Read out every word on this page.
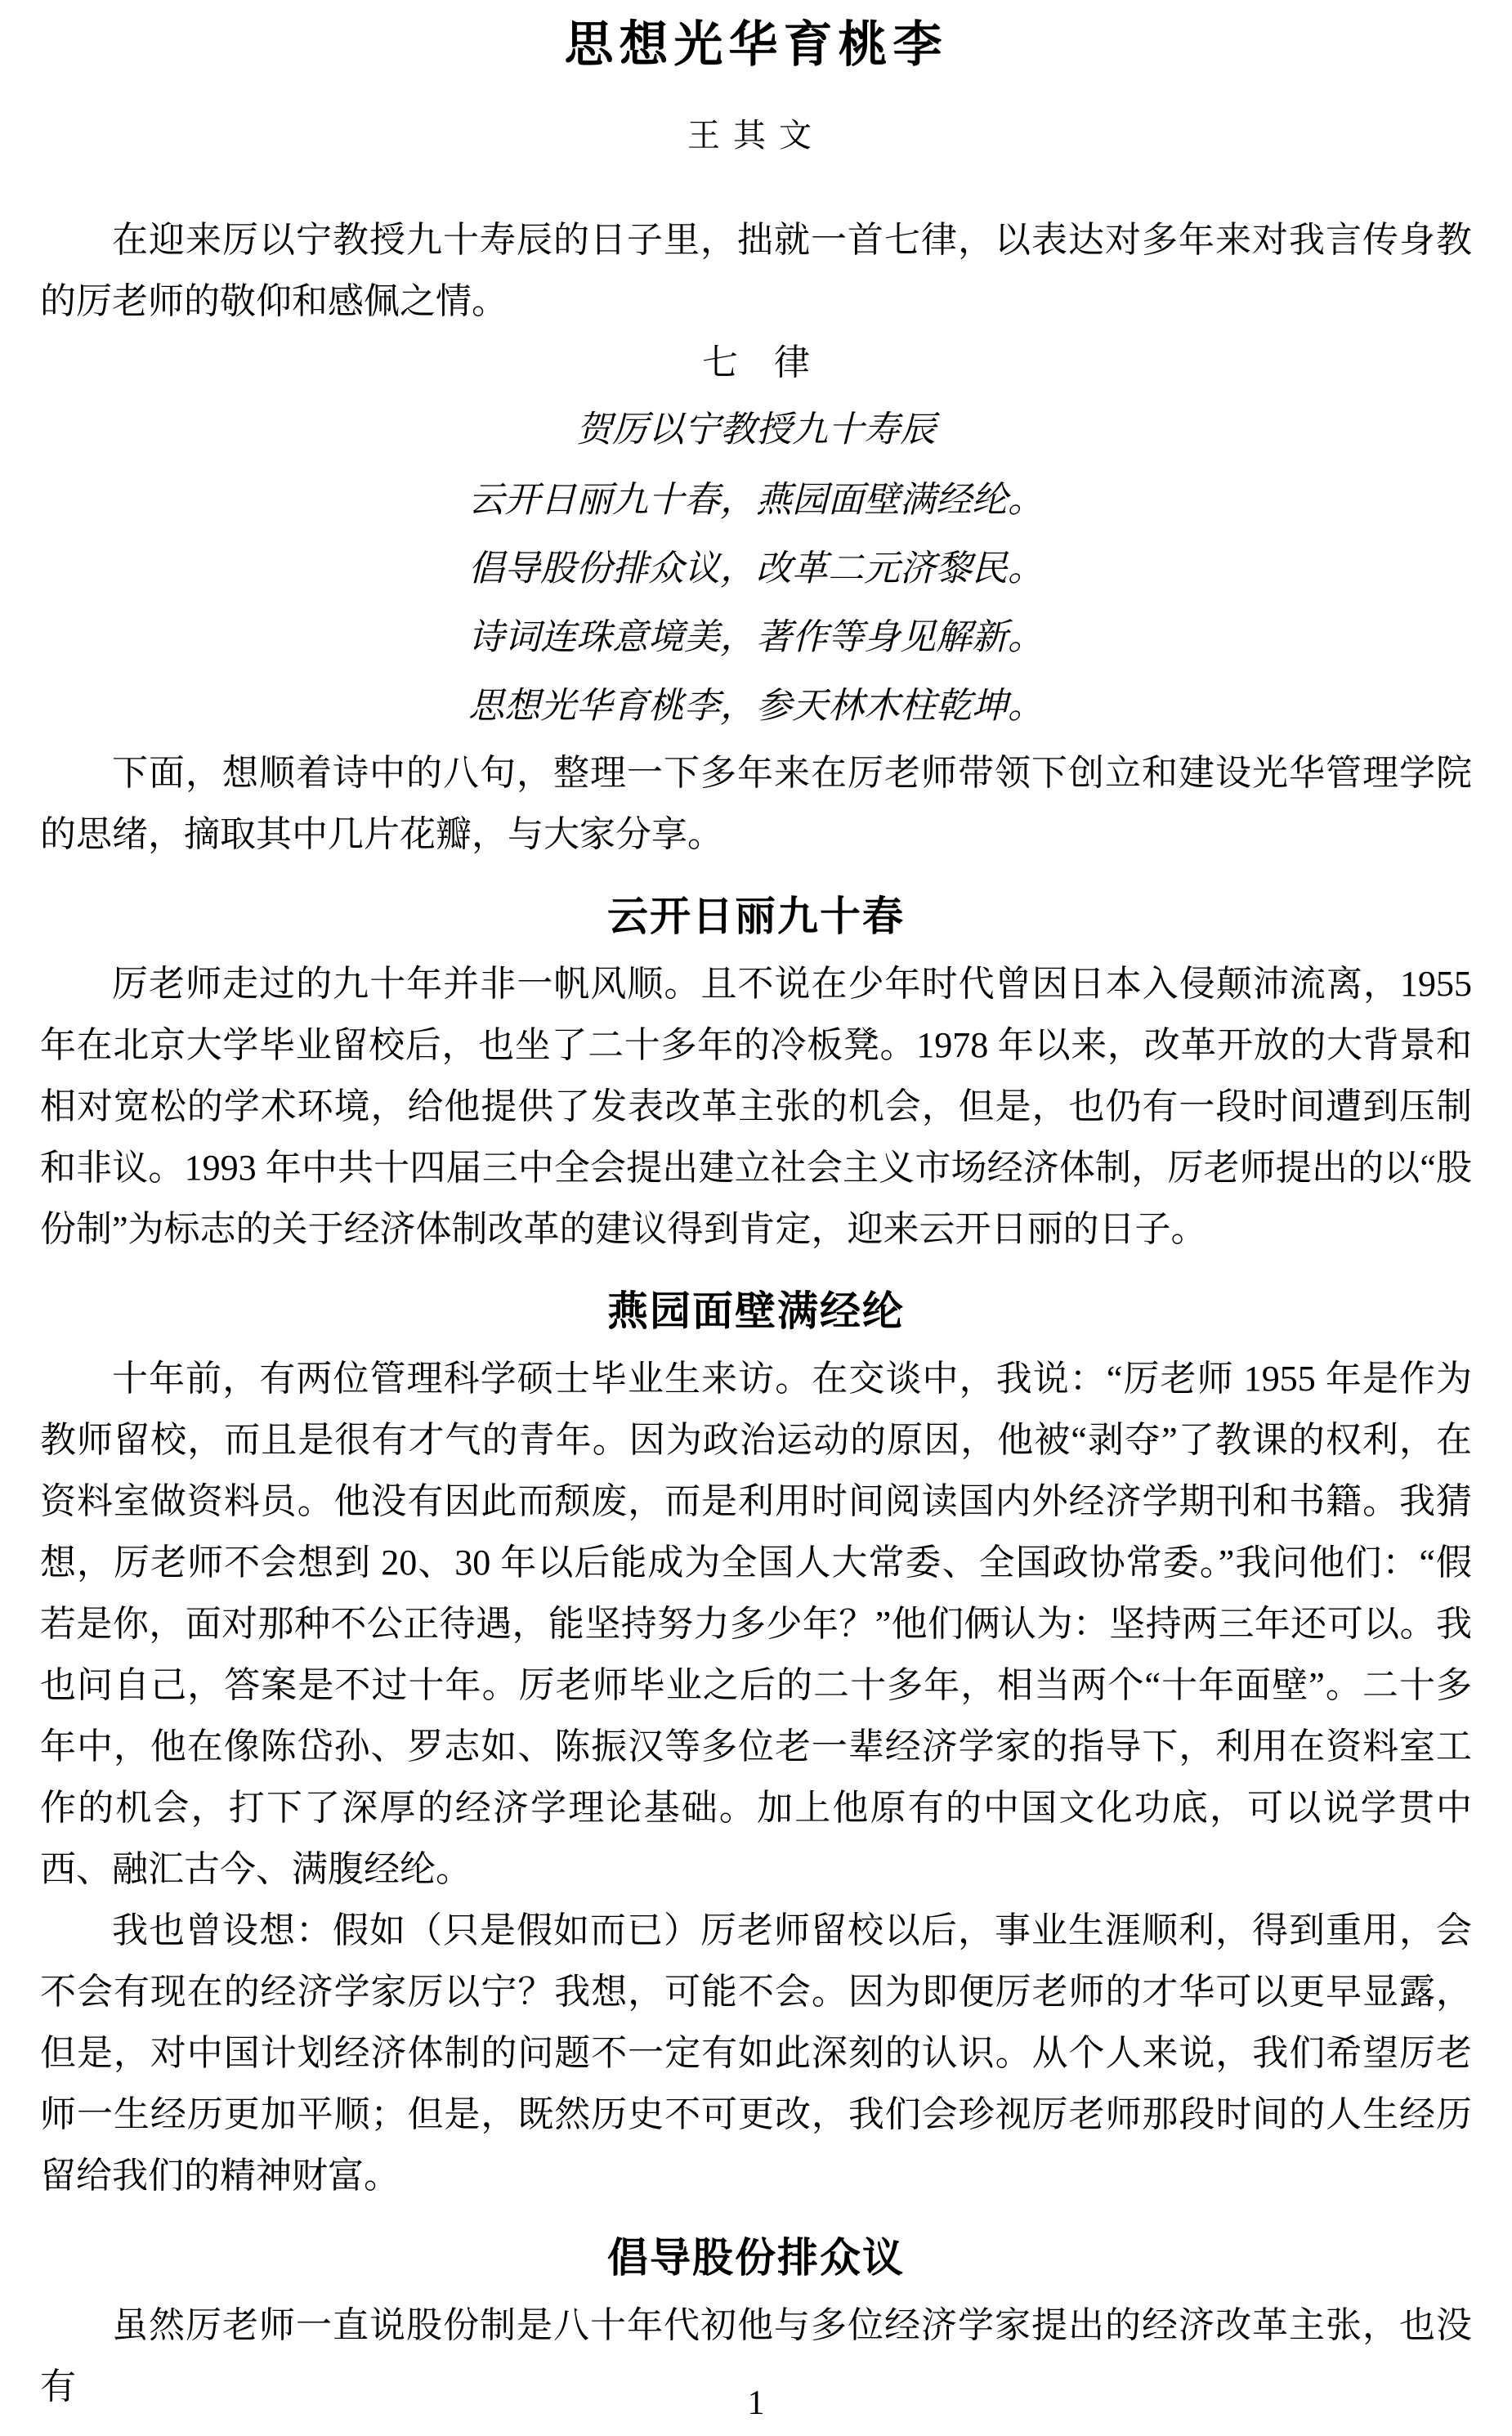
思想光华育桃李
王其文

在迎来厉以宁教授九十寿辰的日子里，拙就一首七律，以表达对多年来对我言传身教的厉老师的敬仰和感佩之情。

七　律
贺厉以宁教授九十寿辰
云开日丽九十春，燕园面壁满经纶。
倡导股份排众议，改革二元济黎民。
诗词连珠意境美，著作等身见解新。
思想光华育桃李，参天林木柱乾坤。

下面，想顺着诗中的八句，整理一下多年来在厉老师带领下创立和建设光华管理学院的思绪，摘取其中几片花瓣，与大家分享。

云开日丽九十春

厉老师走过的九十年并非一帆风顺。且不说在少年时代曾因日本入侵颠沛流离，1955 年在北京大学毕业留校后，也坐了二十多年的冷板凳。1978 年以来，改革开放的大背景和相对宽松的学术环境，给他提供了发表改革主张的机会，但是，也仍有一段时间遭到压制和非议。1993 年中共十四届三中全会提出建立社会主义市场经济体制，厉老师提出的以“股份制”为标志的关于经济体制改革的建议得到肯定，迎来云开日丽的日子。

燕园面壁满经纶

十年前，有两位管理科学硕士毕业生来访。在交谈中，我说：“厉老师 1955 年是作为教师留校，而且是很有才气的青年。因为政治运动的原因，他被“剥夺”了教课的权利，在资料室做资料员。他没有因此而颓废，而是利用时间阅读国内外经济学期刊和书籍。我猜想，厉老师不会想到 20、30 年以后能成为全国人大常委、全国政协常委。”我问他们：“假若是你，面对那种不公正待遇，能坚持努力多少年？”他们俩认为：坚持两三年还可以。我也问自己，答案是不过十年。厉老师毕业之后的二十多年，相当两个“十年面壁”。二十多年中，他在像陈岱孙、罗志如、陈振汉等多位老一辈经济学家的指导下，利用在资料室工作的机会，打下了深厚的经济学理论基础。加上他原有的中国文化功底，可以说学贯中西、融汇古今、满腹经纶。

我也曾设想：假如（只是假如而已）厉老师留校以后，事业生涯顺利，得到重用，会不会有现在的经济学家厉以宁？我想，可能不会。因为即便厉老师的才华可以更早显露，但是，对中国计划经济体制的问题不一定有如此深刻的认识。从个人来说，我们希望厉老师一生经历更加平顺；但是，既然历史不可更改，我们会珍视厉老师那段时间的人生经历留给我们的精神财富。

倡导股份排众议

虽然厉老师一直说股份制是八十年代初他与多位经济学家提出的经济改革主张，也没有	1
